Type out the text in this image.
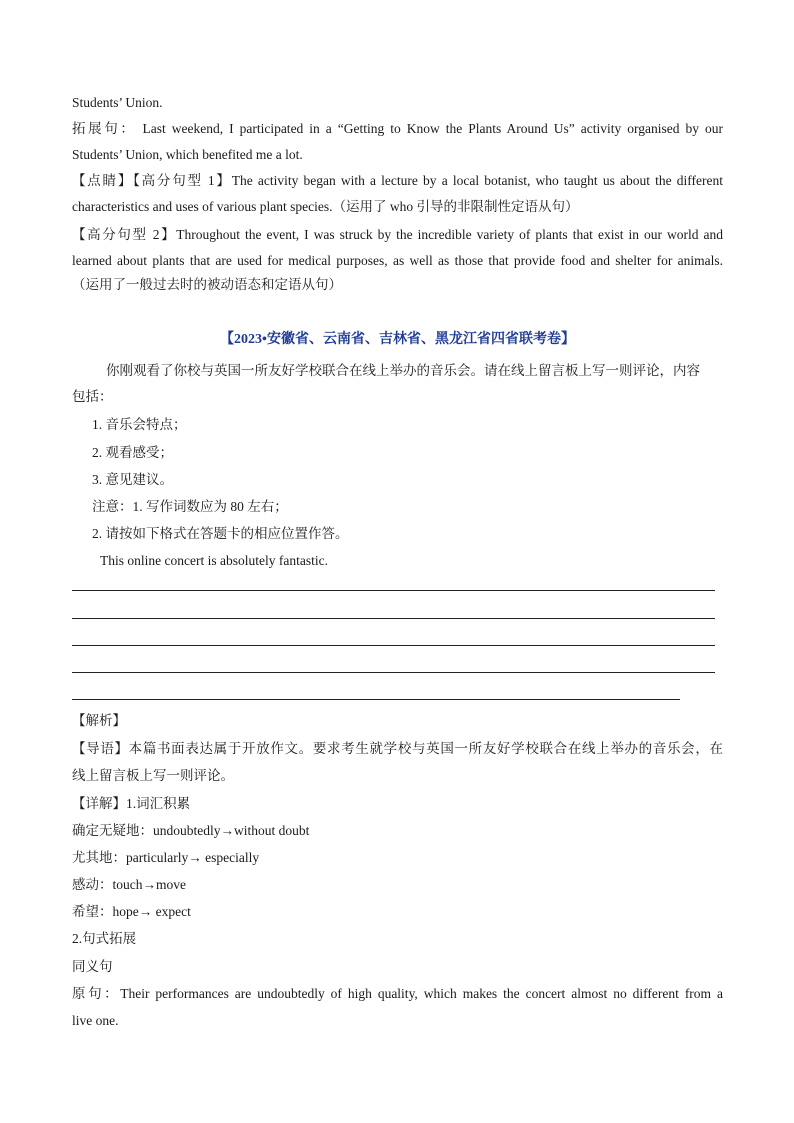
Students’ Union.
拓展句： Last weekend, I participated in a “Getting to Know the Plants Around Us” activity organised by our
Students’ Union, which benefited me a lot.
【点睛】【高分句型 1】The activity began with a lecture by a local botanist, who taught us about the different
characteristics and uses of various plant species.（运用了 who 引导的非限制性定语从句）
【高分句型 2】Throughout the event, I was struck by the incredible variety of plants that exist in our world and
learned about plants that are used for medical purposes, as well as those that provide food and shelter for animals.
（运用了一般过去时的被动语态和定语从句）
【2023•安徽省、云南省、吉林省、黑龙江省四省联考卷】
你刚观看了你校与英国一所友好学校联合在线上举办的音乐会。请在线上留言板上写一则评论，内容
包括：
1. 音乐会特点；
2. 观看感受；
3. 意见建议。
注意：1. 写作词数应为 80 左右；
2. 请按如下格式在答题卡的相应位置作答。
This online concert is absolutely fantastic.
【解析】
【导语】本篇书面表达属于开放作文。要求考生就学校与英国一所友好学校联合在线上举办的音乐会，在
线上留言板上写一则评论。
【详解】1.词汇积累
确定无疑地：undoubtedly→without doubt
尤其地：particularly→ especially
感动：touch→move
希望：hope→ expect
2.句式拓展
同义句
原句：Their performances are undoubtedly of high quality, which makes the concert almost no different from a
live one.
